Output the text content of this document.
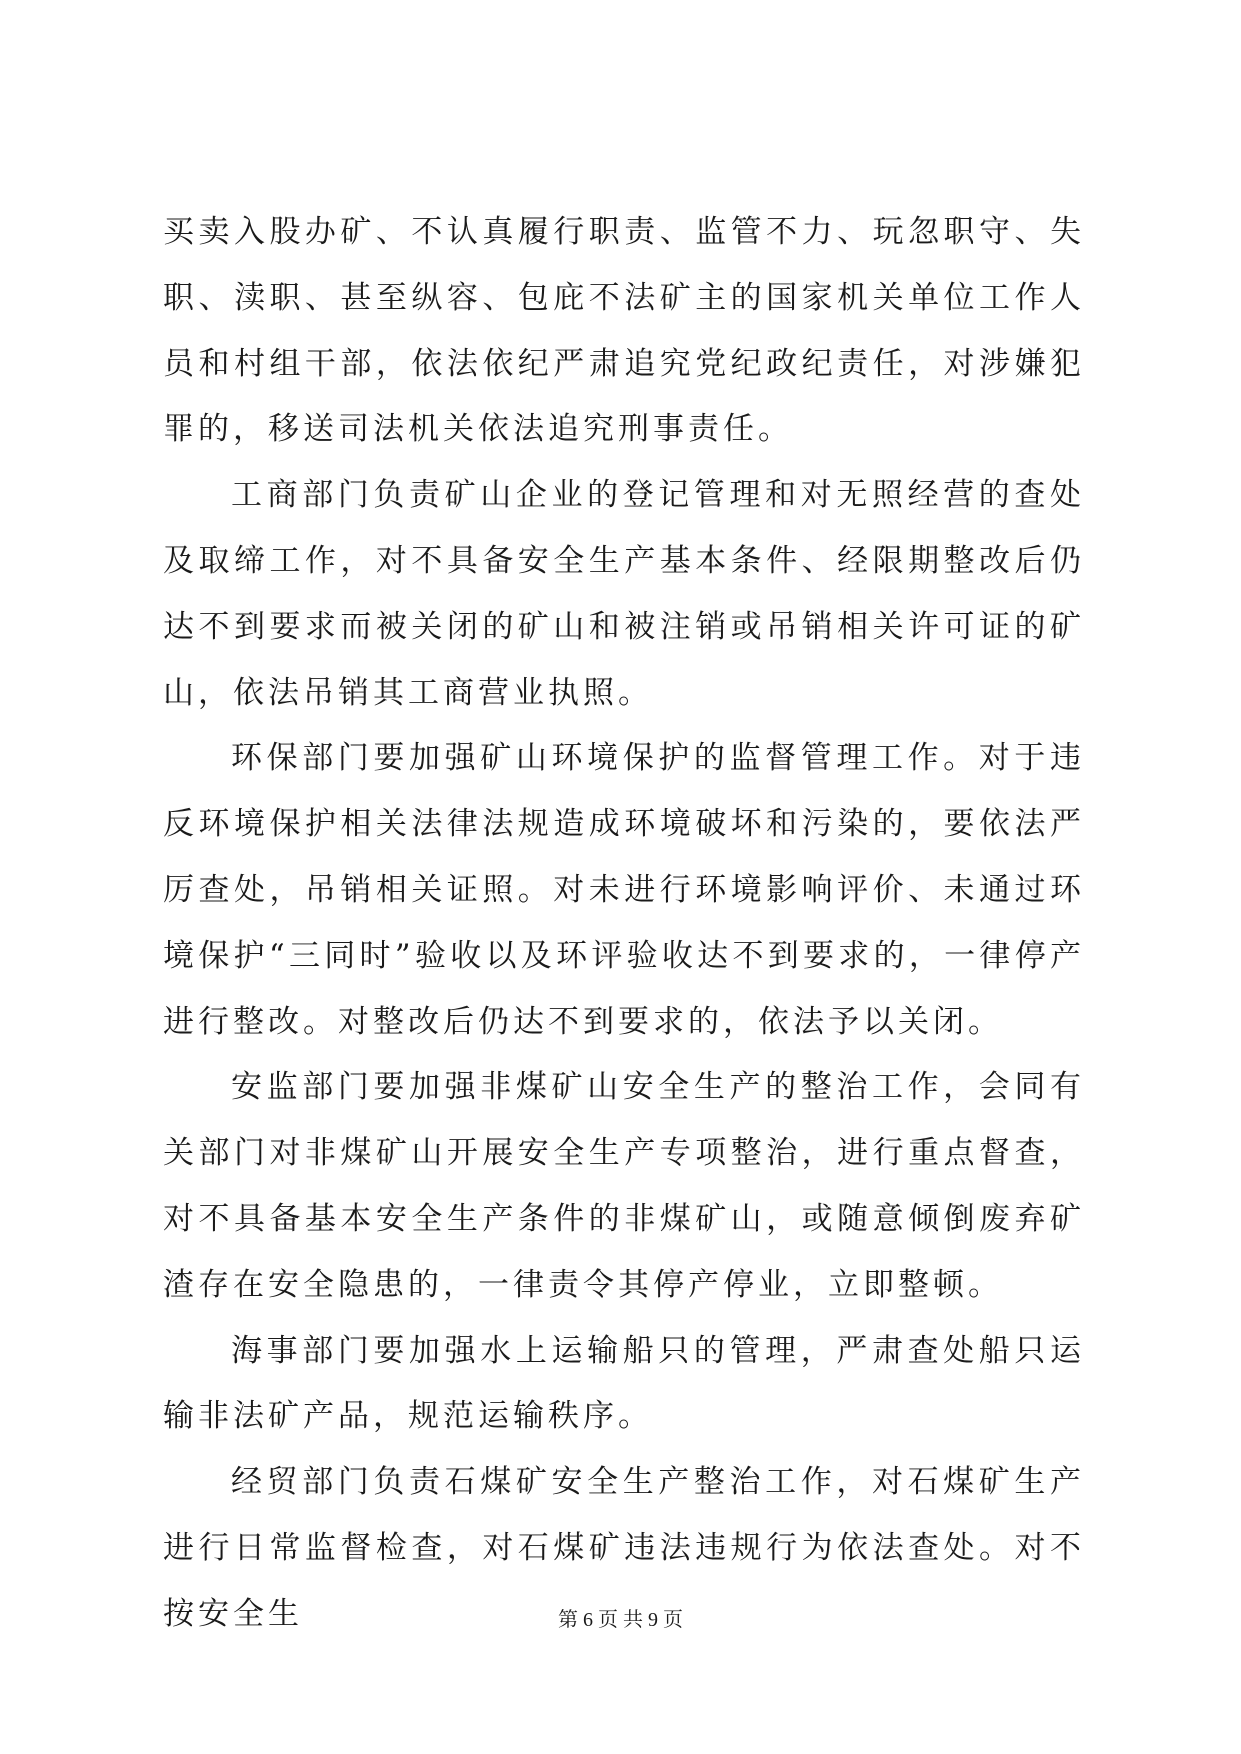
买卖入股办矿、不认真履行职责、监管不力、玩忽职守、失职、渎职、甚至纵容、包庇不法矿主的国家机关单位工作人员和村组干部，依法依纪严肃追究党纪政纪责任，对涉嫌犯罪的，移送司法机关依法追究刑事责任。

工商部门负责矿山企业的登记管理和对无照经营的查处及取缔工作，对不具备安全生产基本条件、经限期整改后仍达不到要求而被关闭的矿山和被注销或吊销相关许可证的矿山，依法吊销其工商营业执照。

环保部门要加强矿山环境保护的监督管理工作。对于违反环境保护相关法律法规造成环境破坏和污染的，要依法严厉查处，吊销相关证照。对未进行环境影响评价、未通过环境保护“三同时”验收以及环评验收达不到要求的，一律停产进行整改。对整改后仍达不到要求的，依法予以关闭。

安监部门要加强非煤矿山安全生产的整治工作，会同有关部门对非煤矿山开展安全生产专项整治，进行重点督查，对不具备基本安全生产条件的非煤矿山，或随意倾倒废弃矿渣存在安全隐患的，一律责令其停产停业，立即整顿。

海事部门要加强水上运输船只的管理，严肃查处船只运输非法矿产品，规范运输秩序。

经贸部门负责石煤矿安全生产整治工作，对石煤矿生产进行日常监督检查，对石煤矿违法违规行为依法查处。对不按安全生	第 6 页 共 9 页
